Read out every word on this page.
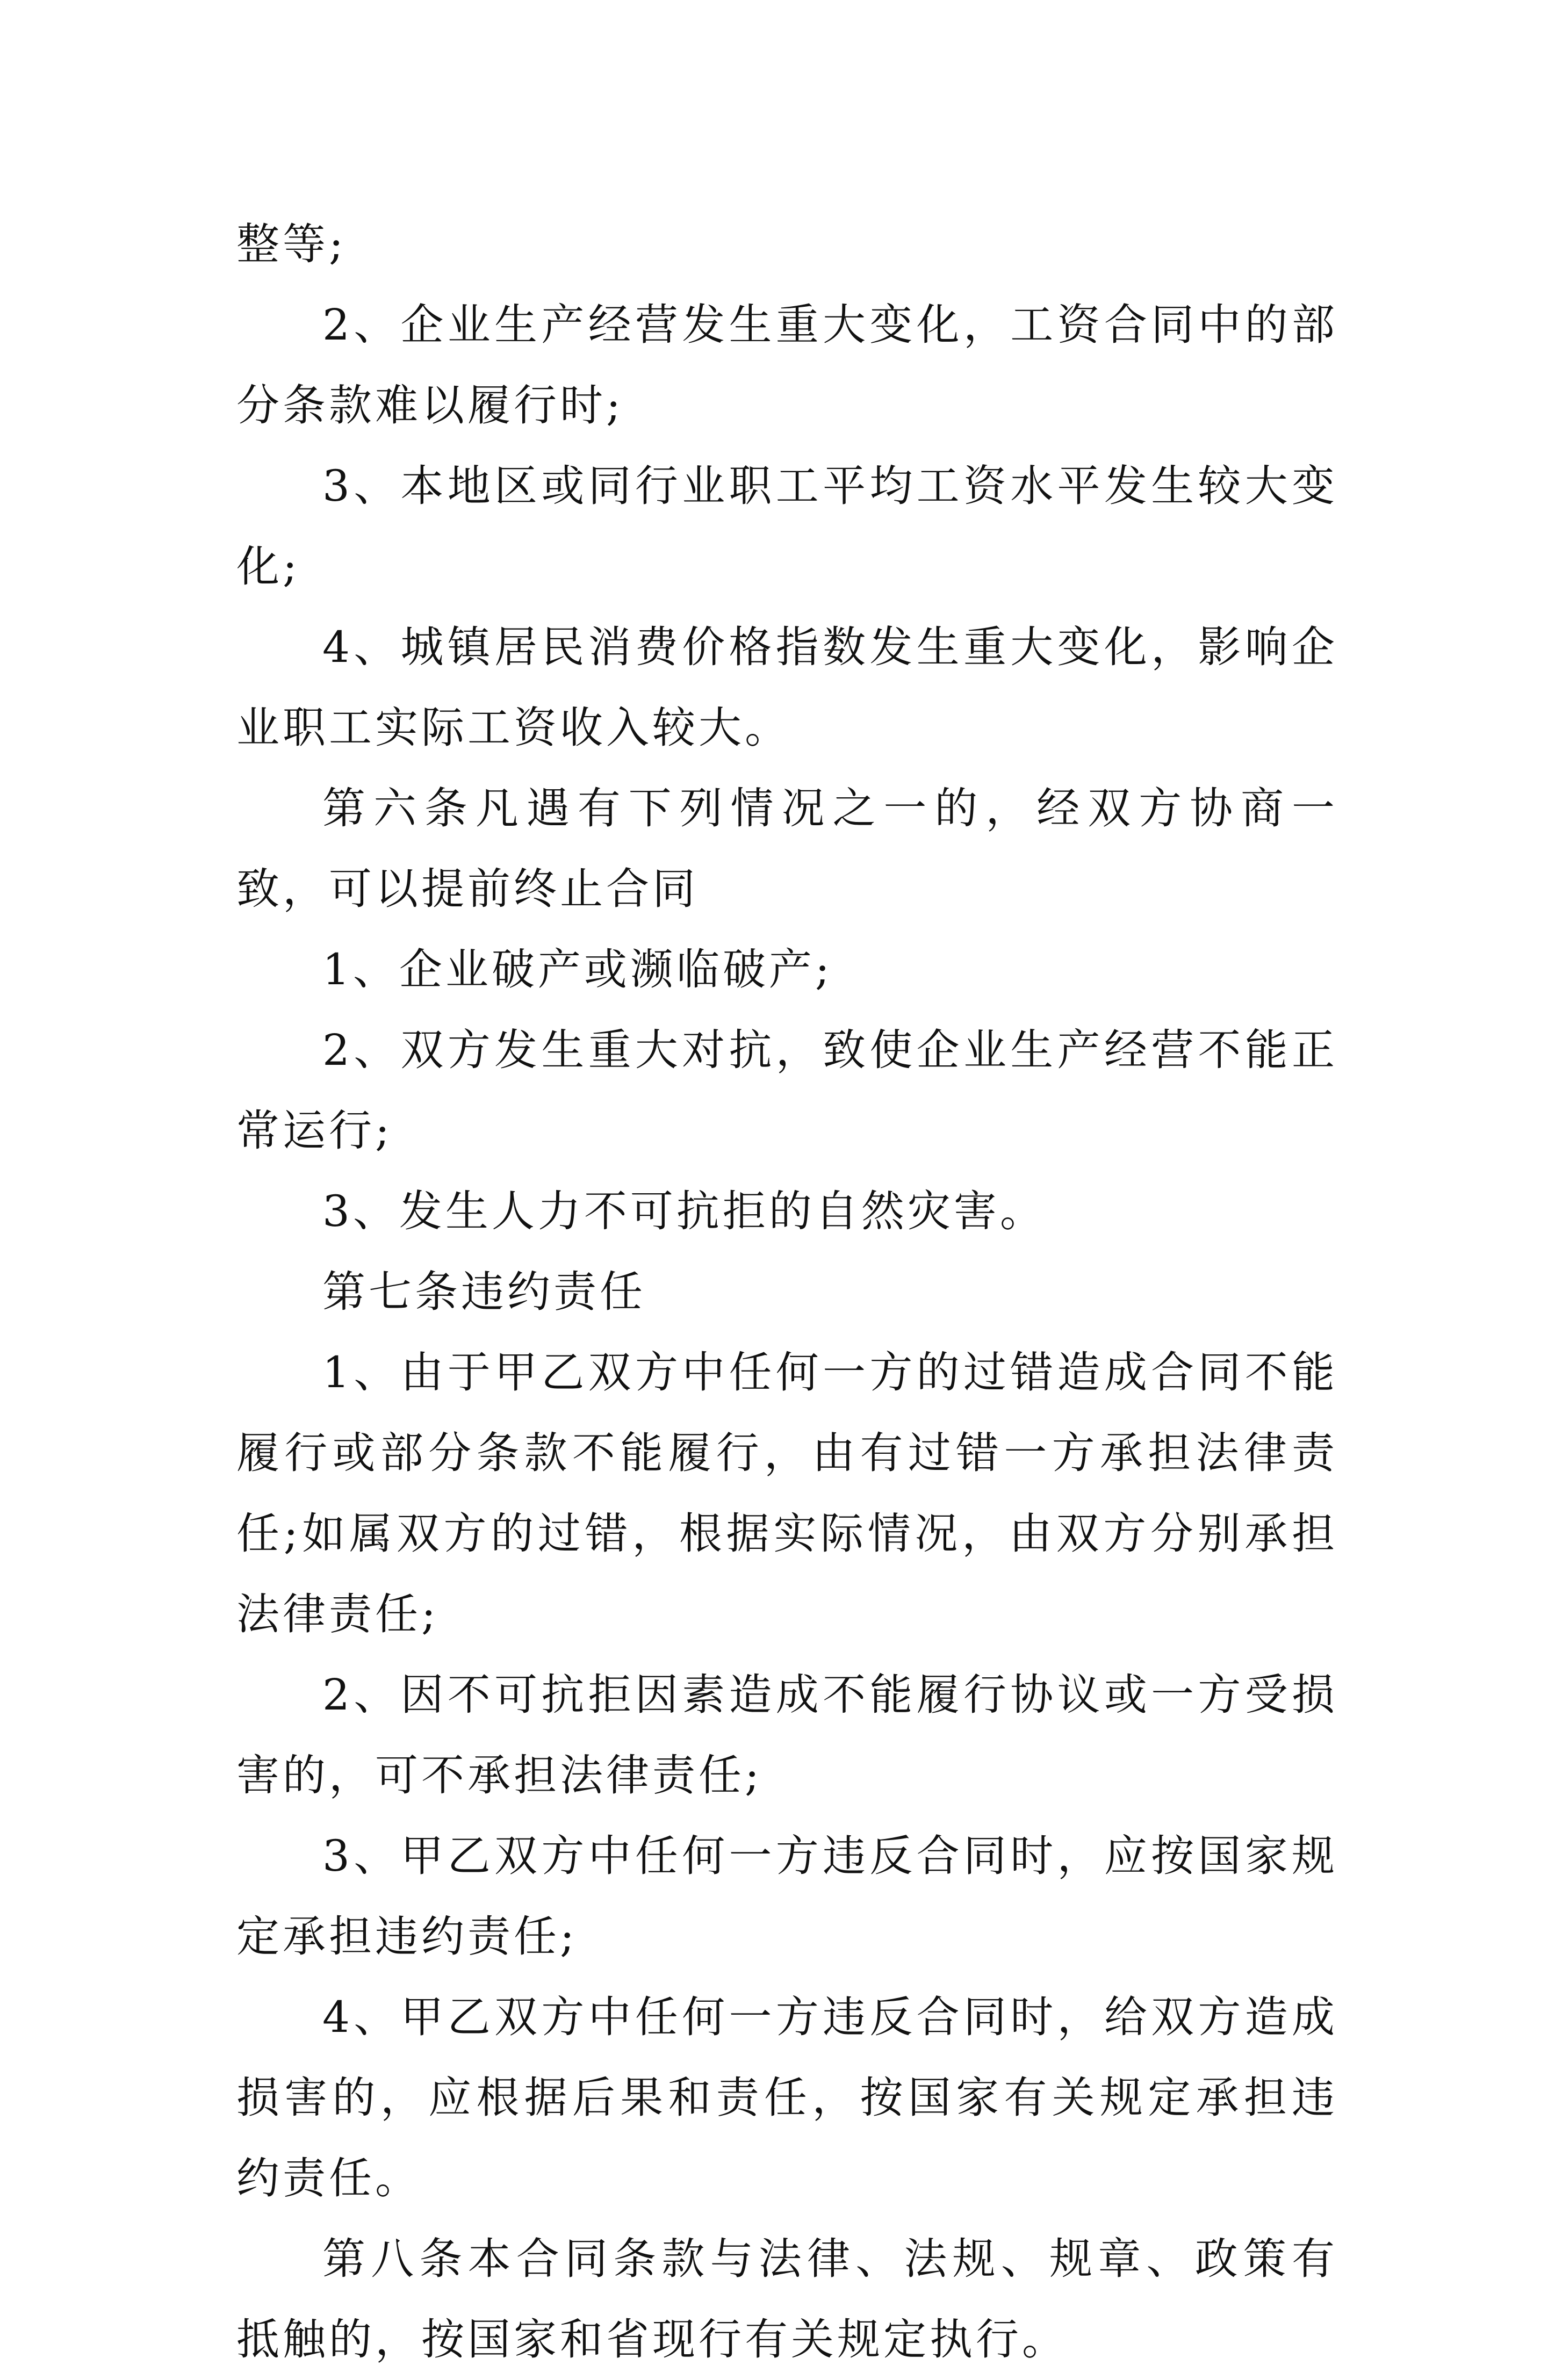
整等;

2、企业生产经营发生重大变化，工资合同中的部分条款难以履行时;

3、本地区或同行业职工平均工资水平发生较大变化;

4、城镇居民消费价格指数发生重大变化，影响企业职工实际工资收入较大。

第六条凡遇有下列情况之一的，经双方协商一致，可以提前终止合同

1、企业破产或濒临破产;

2、双方发生重大对抗，致使企业生产经营不能正常运行;

3、发生人力不可抗拒的自然灾害。

第七条违约责任

1、由于甲乙双方中任何一方的过错造成合同不能履行或部分条款不能履行，由有过错一方承担法律责任;如属双方的过错，根据实际情况，由双方分别承担法律责任;

2、因不可抗拒因素造成不能履行协议或一方受损害的，可不承担法律责任;

3、甲乙双方中任何一方违反合同时，应按国家规定承担违约责任;

4、甲乙双方中任何一方违反合同时，给双方造成损害的，应根据后果和责任，按国家有关规定承担违约责任。

第八条本合同条款与法律、法规、规章、政策有抵触的，按国家和省现行有关规定执行。
